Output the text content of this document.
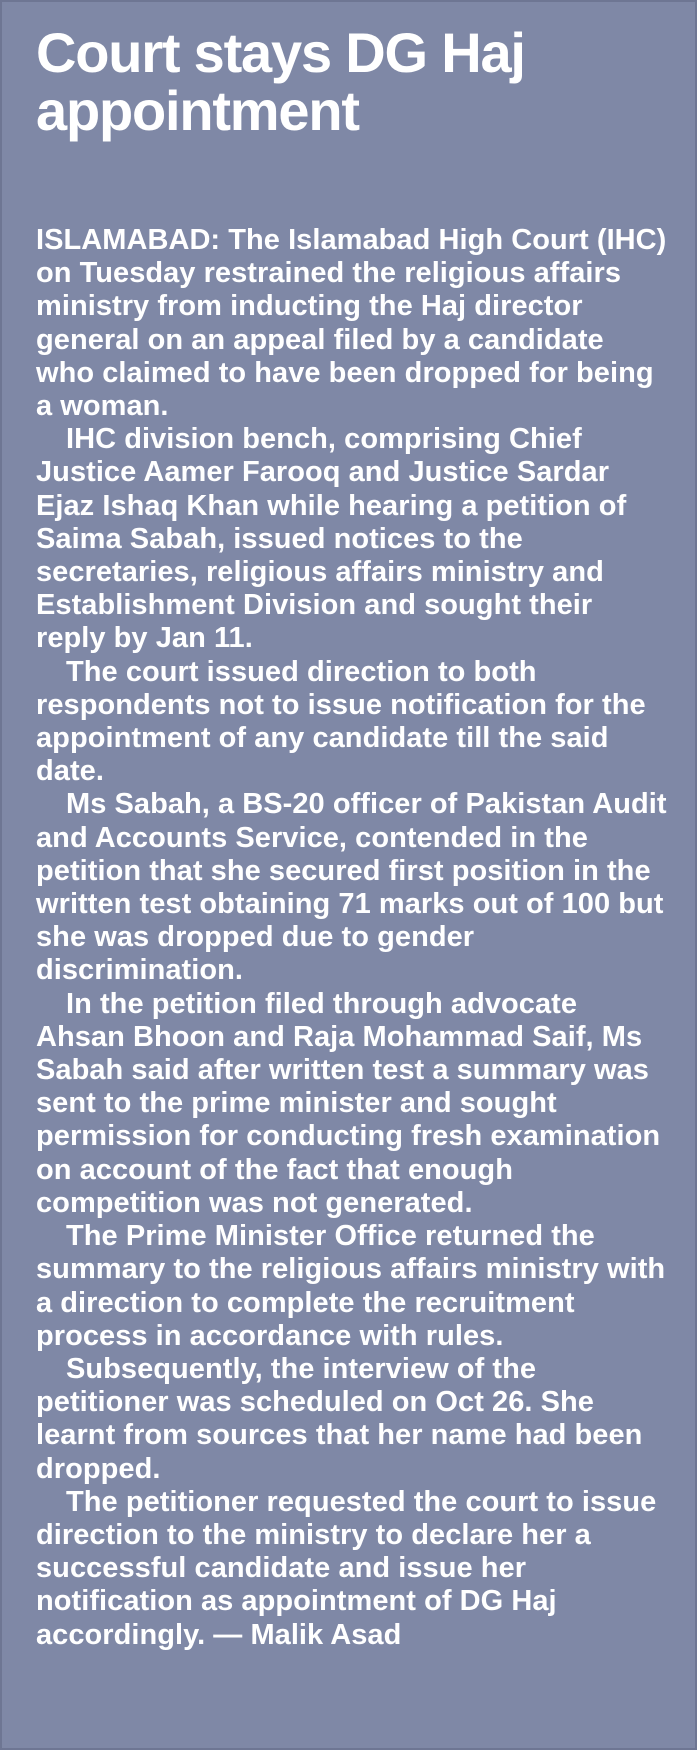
Court stays DG Haj appointment

ISLAMABAD: The Islamabad High Court (IHC) on Tuesday restrained the religious affairs ministry from inducting the Haj director general on an appeal filed by a candidate who claimed to have been dropped for being a woman.

IHC division bench, comprising Chief Justice Aamer Farooq and Justice Sardar Ejaz Ishaq Khan while hearing a petition of Saima Sabah, issued notices to the secretaries, religious affairs ministry and Establishment Division and sought their reply by Jan 11.

The court issued direction to both respondents not to issue notification for the appointment of any candidate till the said date.

Ms Sabah, a BS-20 officer of Pakistan Audit and Accounts Service, contended in the petition that she secured first position in the written test obtaining 71 marks out of 100 but she was dropped due to gender discrimination.

In the petition filed through advocate Ahsan Bhoon and Raja Mohammad Saif, Ms Sabah said after written test a summary was sent to the prime minister and sought permission for conducting fresh examination on account of the fact that enough competition was not generated.

The Prime Minister Office returned the summary to the religious affairs ministry with a direction to complete the recruitment process in accordance with rules.

Subsequently, the interview of the petitioner was scheduled on Oct 26. She learnt from sources that her name had been dropped.

The petitioner requested the court to issue direction to the ministry to declare her a successful candidate and issue her notification as appointment of DG Haj accordingly. — Malik Asad
